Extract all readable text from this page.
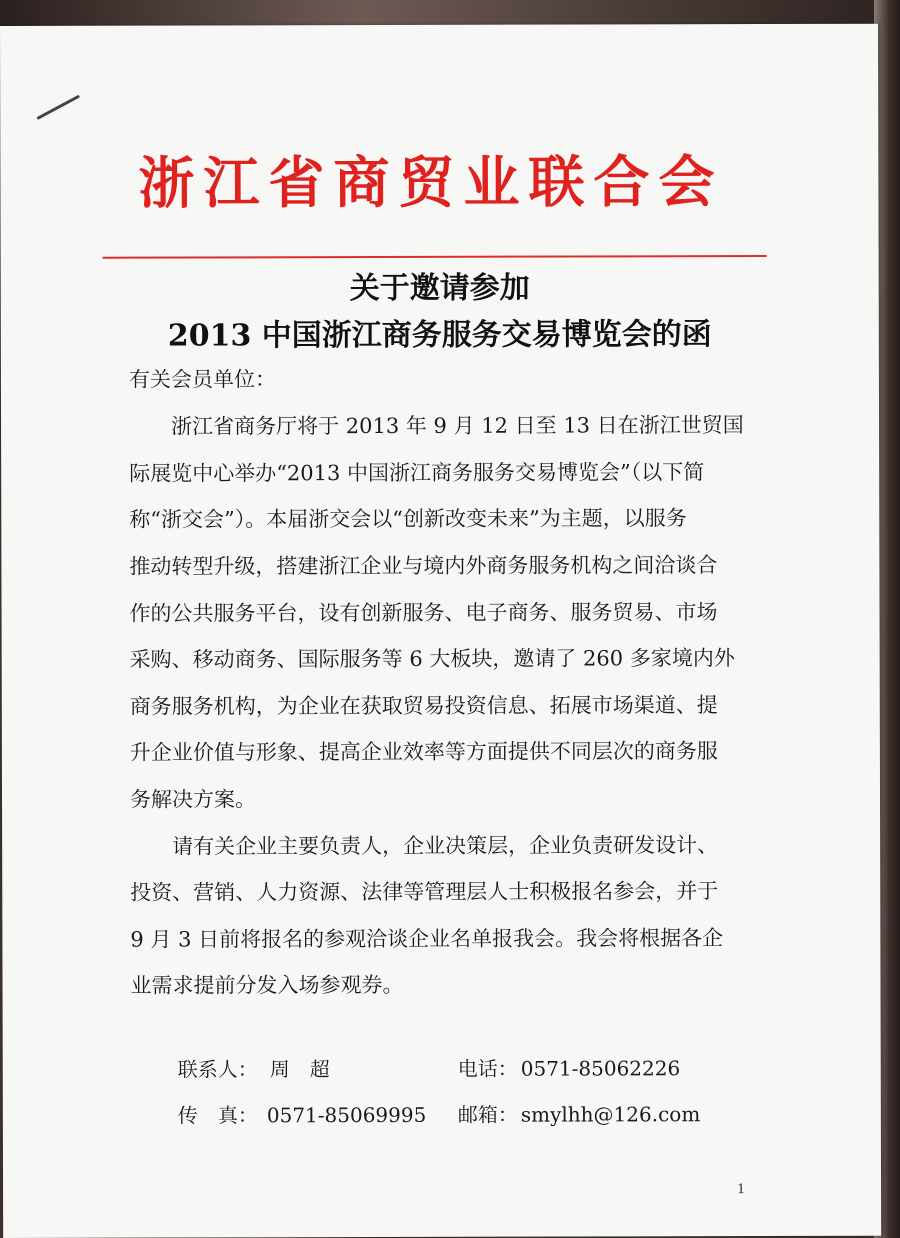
浙江省商贸业联合会
关于邀请参加
2013 中国浙江商务服务交易博览会的函
有关会员单位：
浙江省商务厅将于 2013 年 9 月 12 日至 13 日在浙江世贸国
际展览中心举办“2013 中国浙江商务服务交易博览会”（以下简
称“浙交会”）。本届浙交会以“创新改变未来”为主题，以服务
推动转型升级，搭建浙江企业与境内外商务服务机构之间洽谈合
作的公共服务平台，设有创新服务、电子商务、服务贸易、市场
采购、移动商务、国际服务等 6 大板块，邀请了 260 多家境内外
商务服务机构，为企业在获取贸易投资信息、拓展市场渠道、提
升企业价值与形象、提高企业效率等方面提供不同层次的商务服
务解决方案。
请有关企业主要负责人，企业决策层，企业负责研发设计、
投资、营销、人力资源、法律等管理层人士积极报名参会，并于
9 月 3 日前将报名的参观洽谈企业名单报我会。我会将根据各企
业需求提前分发入场参观券。
联系人： 周　超	电话： 0571-85062226
传　真： 0571-85069995 邮箱： smylhh@126.com
1
